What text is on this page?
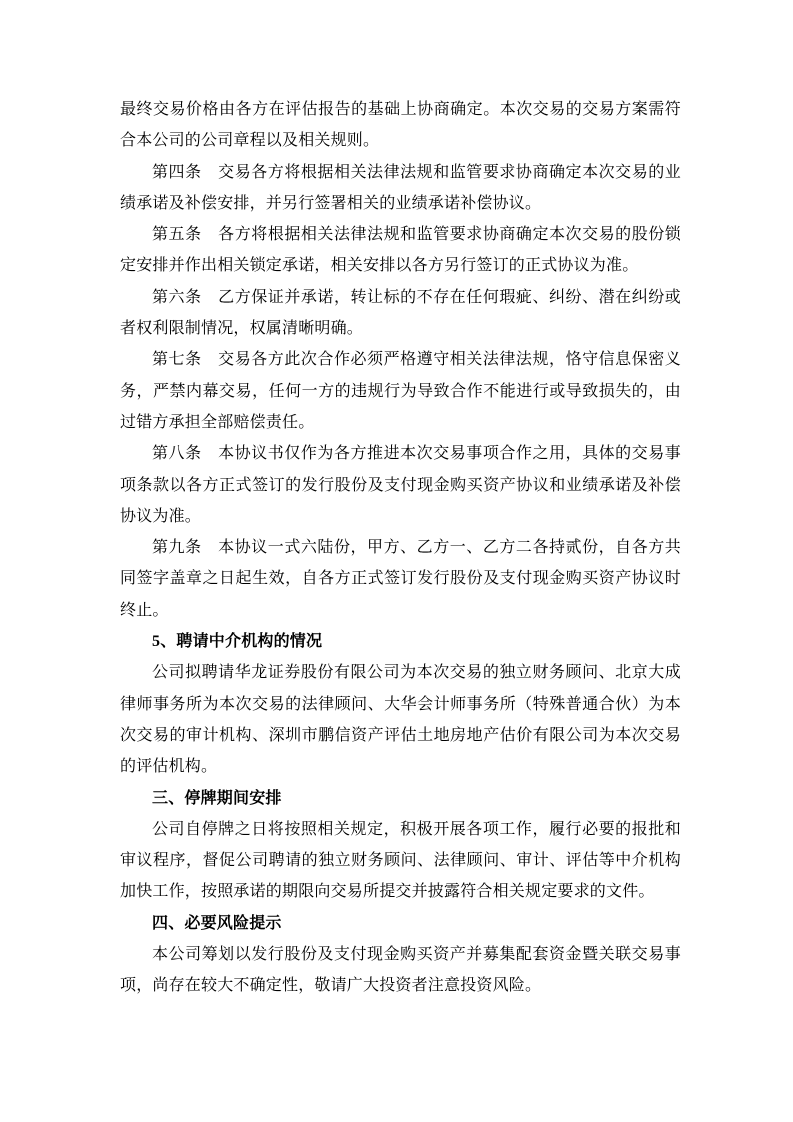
最终交易价格由各方在评估报告的基础上协商确定。本次交易的交易方案需符合本公司的公司章程以及相关规则。

第四条　交易各方将根据相关法律法规和监管要求协商确定本次交易的业绩承诺及补偿安排，并另行签署相关的业绩承诺补偿协议。

第五条　各方将根据相关法律法规和监管要求协商确定本次交易的股份锁定安排并作出相关锁定承诺，相关安排以各方另行签订的正式协议为准。

第六条　乙方保证并承诺，转让标的不存在任何瑕疵、纠纷、潜在纠纷或者权利限制情况，权属清晰明确。

第七条　交易各方此次合作必须严格遵守相关法律法规，恪守信息保密义务，严禁内幕交易，任何一方的违规行为导致合作不能进行或导致损失的，由过错方承担全部赔偿责任。

第八条　本协议书仅作为各方推进本次交易事项合作之用，具体的交易事项条款以各方正式签订的发行股份及支付现金购买资产协议和业绩承诺及补偿协议为准。

第九条　本协议一式六陆份，甲方、乙方一、乙方二各持贰份，自各方共同签字盖章之日起生效，自各方正式签订发行股份及支付现金购买资产协议时终止。

5、聘请中介机构的情况

公司拟聘请华龙证券股份有限公司为本次交易的独立财务顾问、北京大成律师事务所为本次交易的法律顾问、大华会计师事务所（特殊普通合伙）为本次交易的审计机构、深圳市鹏信资产评估土地房地产估价有限公司为本次交易的评估机构。

三、停牌期间安排

公司自停牌之日将按照相关规定，积极开展各项工作，履行必要的报批和审议程序，督促公司聘请的独立财务顾问、法律顾问、审计、评估等中介机构加快工作，按照承诺的期限向交易所提交并披露符合相关规定要求的文件。

四、必要风险提示

本公司筹划以发行股份及支付现金购买资产并募集配套资金暨关联交易事项，尚存在较大不确定性，敬请广大投资者注意投资风险。
